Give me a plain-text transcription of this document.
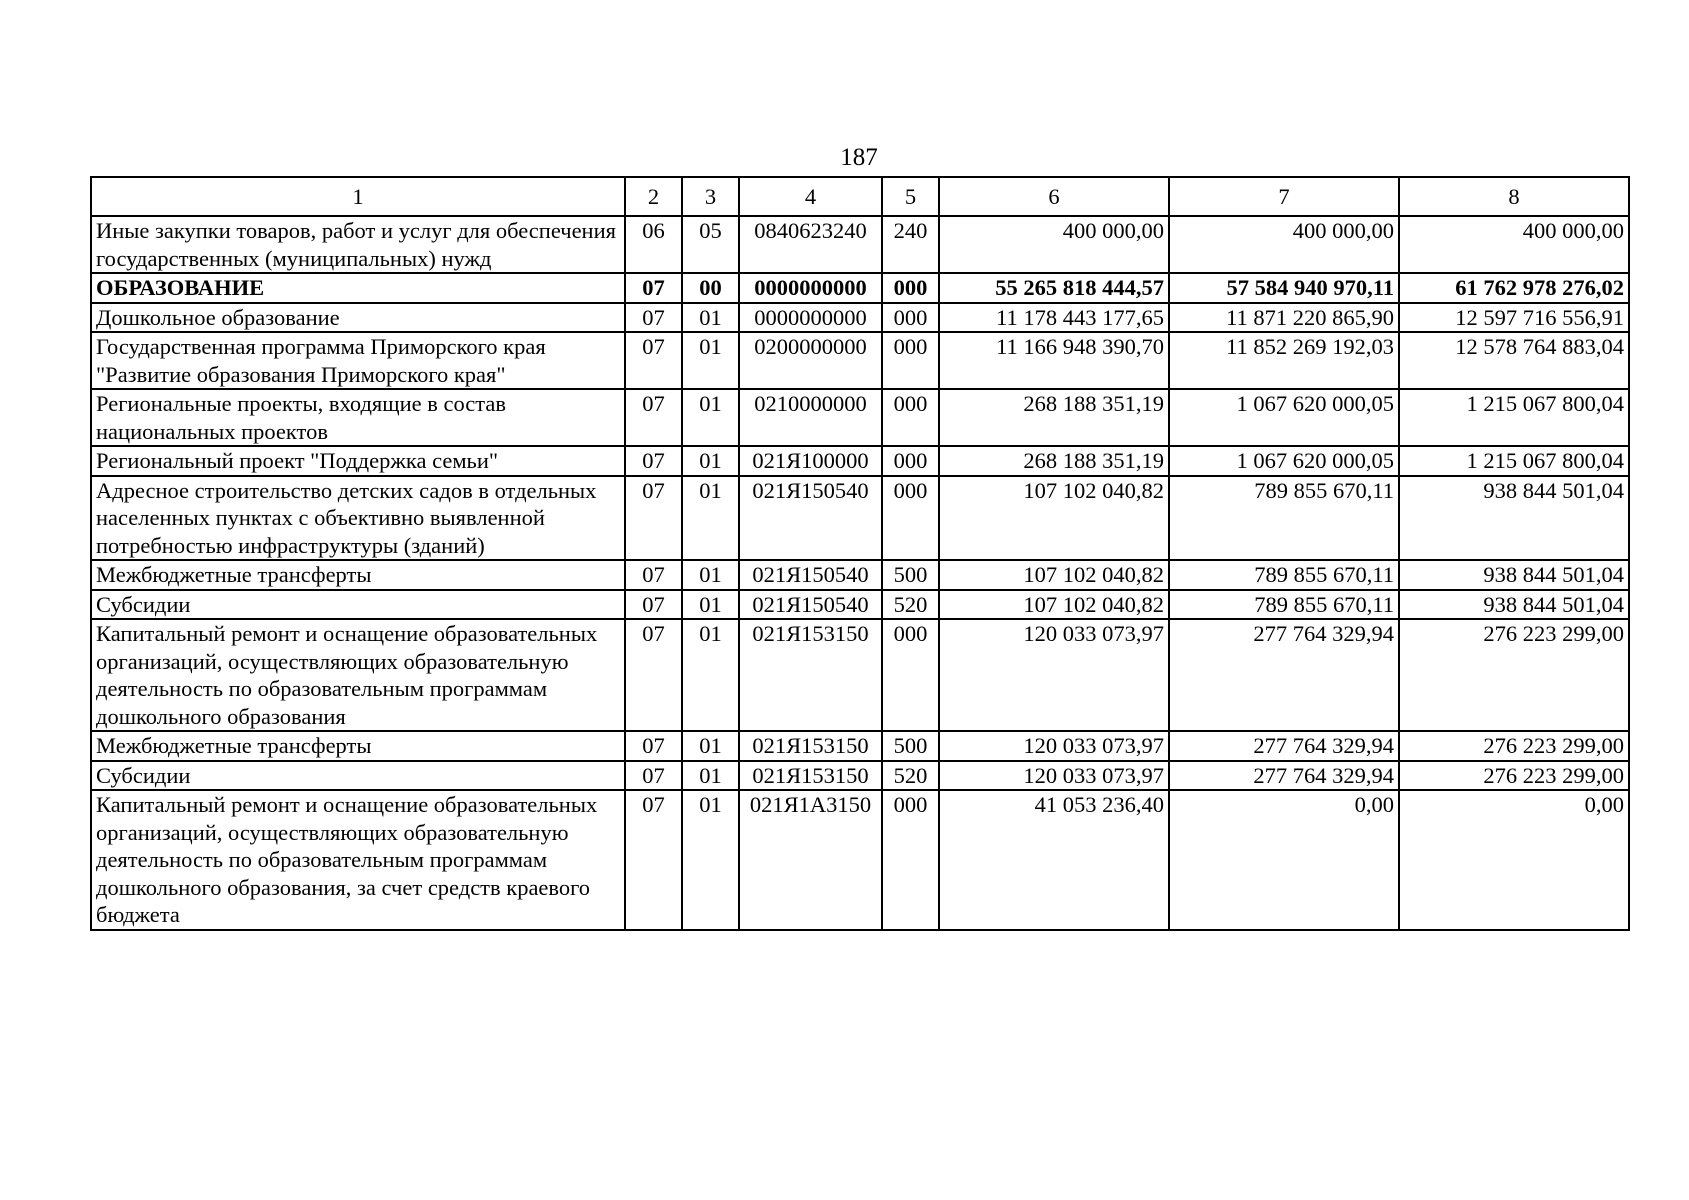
187
1	2	3	4	5	6	7	8
Иные закупки товаров, работ и услуг для обеспечения государственных (муниципальных) нужд	06	05	0840623240	240	400 000,00	400 000,00	400 000,00
ОБРАЗОВАНИЕ	07	00	0000000000	000	55 265 818 444,57	57 584 940 970,11	61 762 978 276,02
Дошкольное образование	07	01	0000000000	000	11 178 443 177,65	11 871 220 865,90	12 597 716 556,91
Государственная программа Приморского края "Развитие образования Приморского края"	07	01	0200000000	000	11 166 948 390,70	11 852 269 192,03	12 578 764 883,04
Региональные проекты, входящие в состав национальных проектов	07	01	0210000000	000	268 188 351,19	1 067 620 000,05	1 215 067 800,04
Региональный проект "Поддержка семьи"	07	01	021Я100000	000	268 188 351,19	1 067 620 000,05	1 215 067 800,04
Адресное строительство детских садов в отдельных населенных пунктах с объективно выявленной потребностью инфраструктуры (зданий)	07	01	021Я150540	000	107 102 040,82	789 855 670,11	938 844 501,04
Межбюджетные трансферты	07	01	021Я150540	500	107 102 040,82	789 855 670,11	938 844 501,04
Субсидии	07	01	021Я150540	520	107 102 040,82	789 855 670,11	938 844 501,04
Капитальный ремонт и оснащение образовательных организаций, осуществляющих образовательную деятельность по образовательным программам дошкольного образования	07	01	021Я153150	000	120 033 073,97	277 764 329,94	276 223 299,00
Межбюджетные трансферты	07	01	021Я153150	500	120 033 073,97	277 764 329,94	276 223 299,00
Субсидии	07	01	021Я153150	520	120 033 073,97	277 764 329,94	276 223 299,00
Капитальный ремонт и оснащение образовательных организаций, осуществляющих образовательную деятельность по образовательным программам дошкольного образования, за счет средств краевого бюджета	07	01	021Я1А3150	000	41 053 236,40	0,00	0,00
